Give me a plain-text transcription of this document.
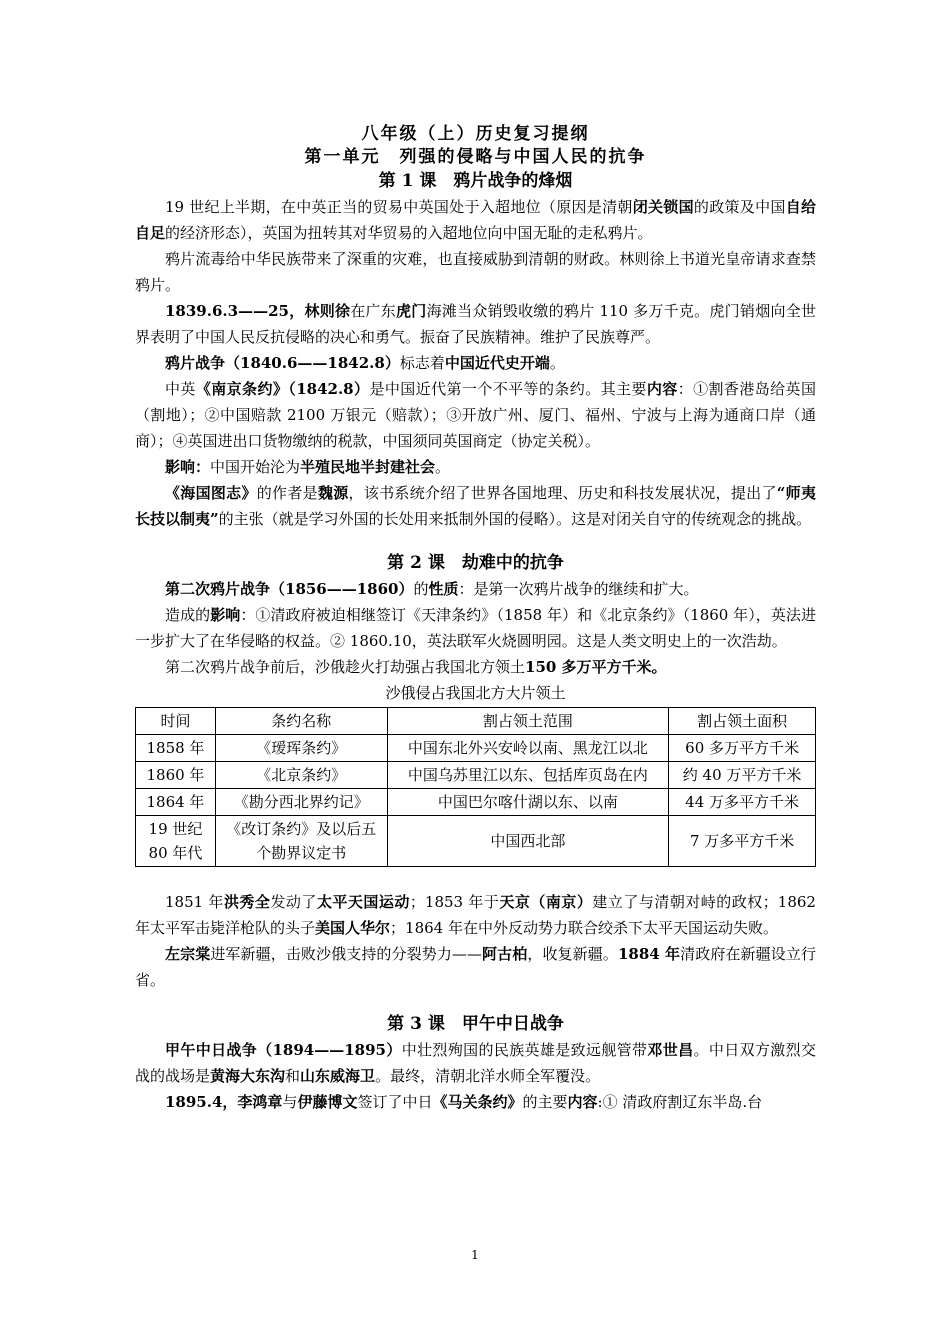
八年级（上）历史复习提纲
第一单元　列强的侵略与中国人民的抗争
第 1 课　鸦片战争的烽烟

19 世纪上半期，在中英正当的贸易中英国处于入超地位（原因是清朝闭关锁国的政策及中国自给自足的经济形态），英国为扭转其对华贸易的入超地位向中国无耻的走私鸦片。

鸦片流毒给中华民族带来了深重的灾难，也直接威胁到清朝的财政。林则徐上书道光皇帝请求查禁鸦片。

1839.6.3——25，林则徐在广东虎门海滩当众销毁收缴的鸦片 110 多万千克。虎门销烟向全世界表明了中国人民反抗侵略的决心和勇气。振奋了民族精神。维护了民族尊严。

鸦片战争（1840.6——1842.8）标志着中国近代史开端。

中英《南京条约》（1842.8）是中国近代第一个不平等的条约。其主要内容：①割香港岛给英国（割地）；②中国赔款 2100 万银元（赔款）；③开放广州、厦门、福州、宁波与上海为通商口岸（通商）；④英国进出口货物缴纳的税款，中国须同英国商定（协定关税）。

影响：中国开始沦为半殖民地半封建社会。

《海国图志》的作者是魏源，该书系统介绍了世界各国地理、历史和科技发展状况，提出了“师夷长技以制夷”的主张（就是学习外国的长处用来抵制外国的侵略）。这是对闭关自守的传统观念的挑战。

第 2 课　劫难中的抗争

第二次鸦片战争（1856——1860）的性质：是第一次鸦片战争的继续和扩大。

造成的影响：①清政府被迫相继签订《天津条约》（1858 年）和《北京条约》（1860 年），英法进一步扩大了在华侵略的权益。② 1860.10，英法联军火烧圆明园。这是人类文明史上的一次浩劫。

第二次鸦片战争前后，沙俄趁火打劫强占我国北方领土150 多万平方千米。

沙俄侵占我国北方大片领土
时间	条约名称	割占领土范围	割占领土面积
1858 年	《瑷珲条约》	中国东北外兴安岭以南、黑龙江以北	60 多万平方千米
1860 年	《北京条约》	中国乌苏里江以东、包括库页岛在内	约 40 万平方千米
1864 年	《勘分西北界约记》	中国巴尔喀什湖以东、以南	44 万多平方千米
19 世纪 80 年代	《改订条约》及以后五个勘界议定书	中国西北部	7 万多平方千米

1851 年洪秀全发动了太平天国运动；1853 年于天京（南京）建立了与清朝对峙的政权；1862 年太平军击毙洋枪队的头子美国人华尔；1864 年在中外反动势力联合绞杀下太平天国运动失败。

左宗棠进军新疆，击败沙俄支持的分裂势力——阿古柏，收复新疆。1884 年清政府在新疆设立行省。

第 3 课　甲午中日战争

甲午中日战争（1894——1895）中壮烈殉国的民族英雄是致远舰管带邓世昌。中日双方激烈交战的战场是黄海大东沟和山东威海卫。最终，清朝北洋水师全军覆没。

1895.4，李鸿章与伊藤博文签订了中日《马关条约》的主要内容:① 清政府割辽东半岛.台

1
